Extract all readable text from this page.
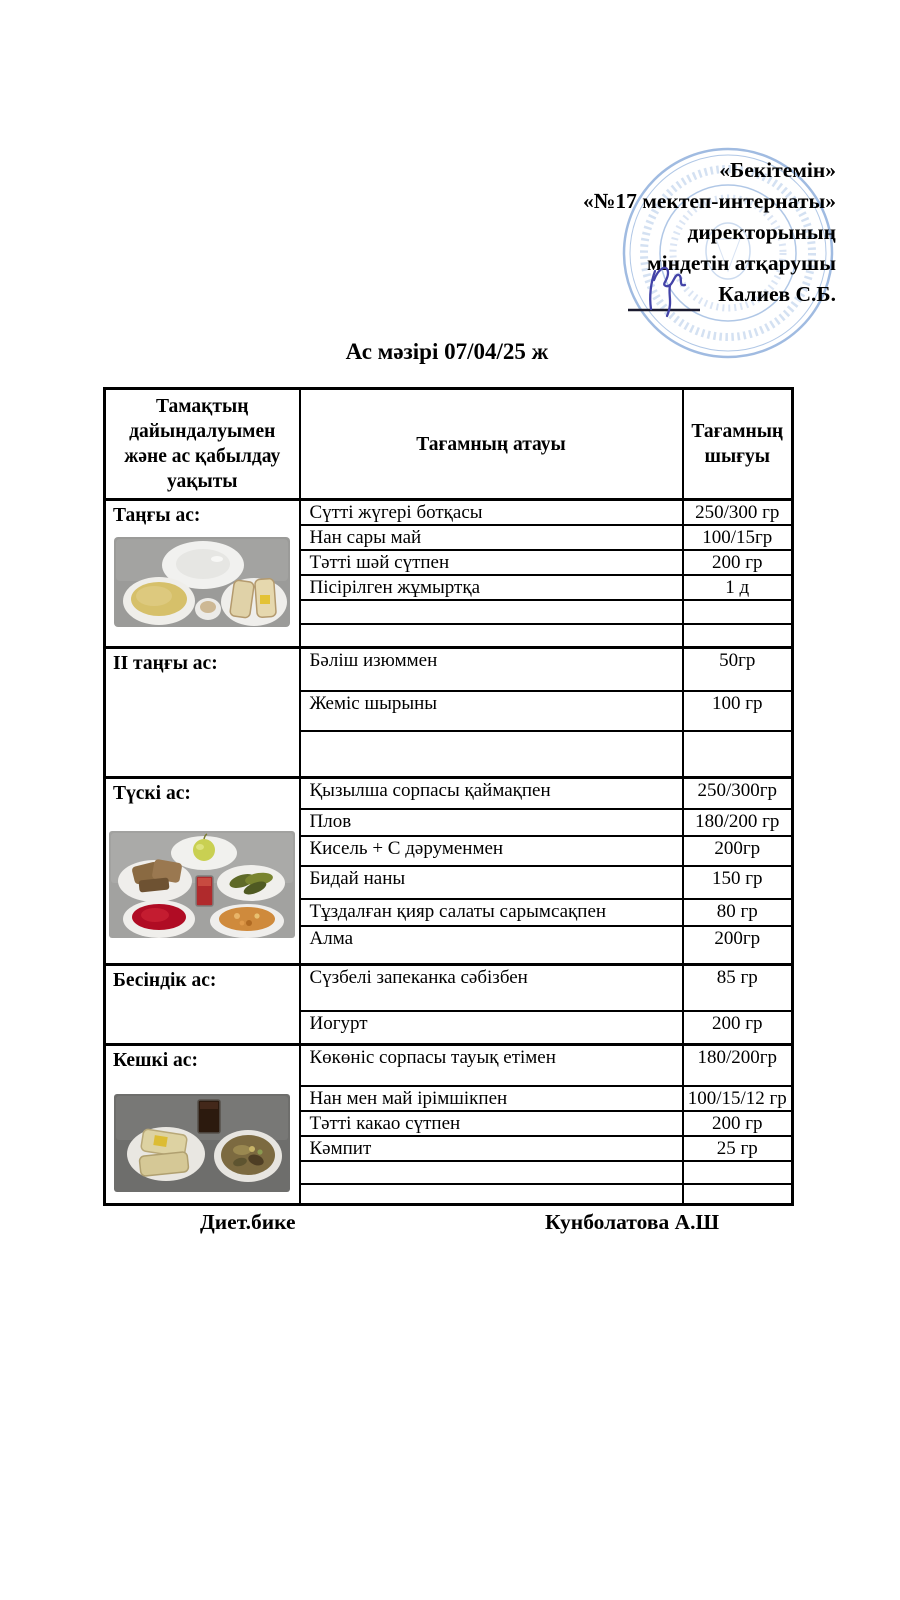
«Бекітемін»
«№17 мектеп-интернаты»
директорының
міндетін атқарушы
Калиев С.Б.
Ас мәзірі 07/04/25 ж
Тамақтың дайындалуымен және ас қабылдау уақыты	Тағамның атауы	Тағамның шығуы

Таңғы ас:	Сүтті жүгері ботқасы	250/300 гр
	Нан сары май	100/15гр
	Тәтті шәй сүтпен	200 гр
	Пісірілген жұмыртқа	1 д

II таңғы ас:	Бәліш изюммен	50гр
	Жеміс шырыны	100 гр

Түскі ас:	Қызылша сорпасы қаймақпен	250/300гр
	Плов	180/200 гр
	Кисель + С дәруменмен	200гр
	Бидай наны	150 гр
	Тұздалған қияр салаты сарымсақпен	80 гр
	Алма	200гр

Бесіндік ас:	Сүзбелі запеканка сәбізбен	85 гр
	Иогурт	200 гр

Кешкі ас:	Көкөніс сорпасы тауық етімен	180/200гр
	Нан мен май ірімшікпен	100/15/12 гр
	Тәтті какао сүтпен	200 гр
	Кәмпит	25 гр

Диет.бике	Кунболатова А.Ш
